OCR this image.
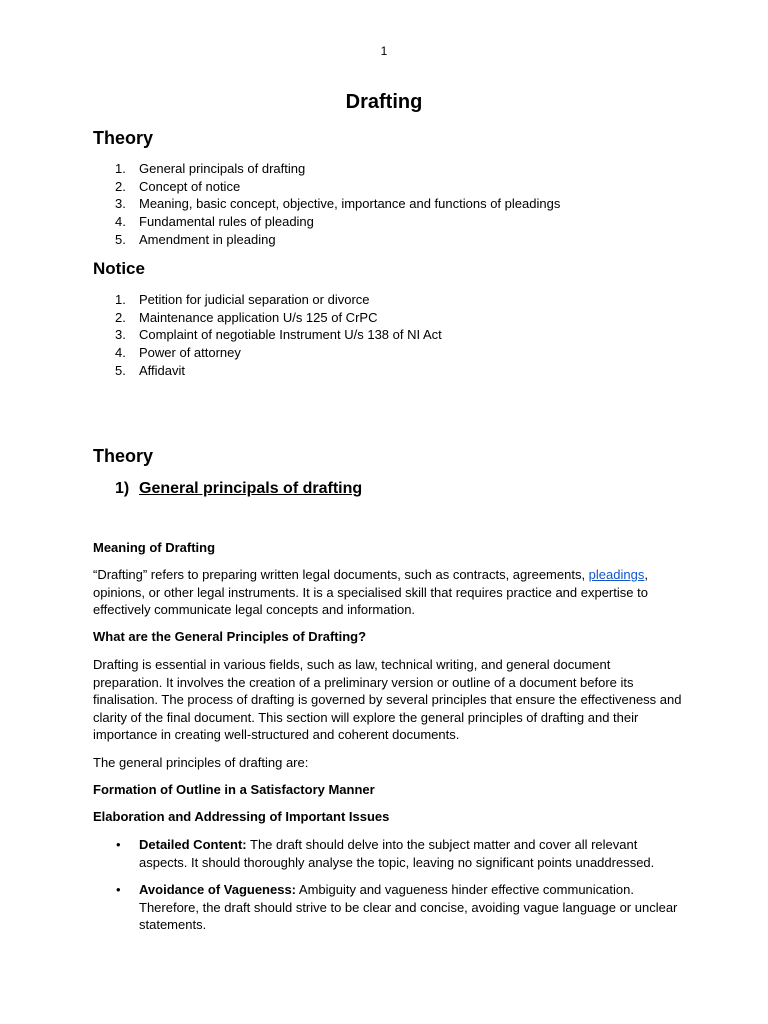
1
Drafting
Theory
1. General principals of drafting
2. Concept of notice
3. Meaning, basic concept, objective, importance and functions of pleadings
4. Fundamental rules of pleading
5. Amendment in pleading
Notice
1. Petition for judicial separation or divorce
2. Maintenance application U/s 125 of CrPC
3. Complaint of negotiable Instrument U/s 138 of NI Act
4. Power of attorney
5. Affidavit
Theory
1) General principals of drafting
Meaning of Drafting
“Drafting” refers to preparing written legal documents, such as contracts, agreements, pleadings, opinions, or other legal instruments. It is a specialised skill that requires practice and expertise to effectively communicate legal concepts and information.
What are the General Principles of Drafting?
Drafting is essential in various fields, such as law, technical writing, and general document preparation. It involves the creation of a preliminary version or outline of a document before its finalisation. The process of drafting is governed by several principles that ensure the effectiveness and clarity of the final document. This section will explore the general principles of drafting and their importance in creating well-structured and coherent documents.
The general principles of drafting are:
Formation of Outline in a Satisfactory Manner
Elaboration and Addressing of Important Issues
• Detailed Content: The draft should delve into the subject matter and cover all relevant aspects. It should thoroughly analyse the topic, leaving no significant points unaddressed.
• Avoidance of Vagueness: Ambiguity and vagueness hinder effective communication. Therefore, the draft should strive to be clear and concise, avoiding vague language or unclear statements.
